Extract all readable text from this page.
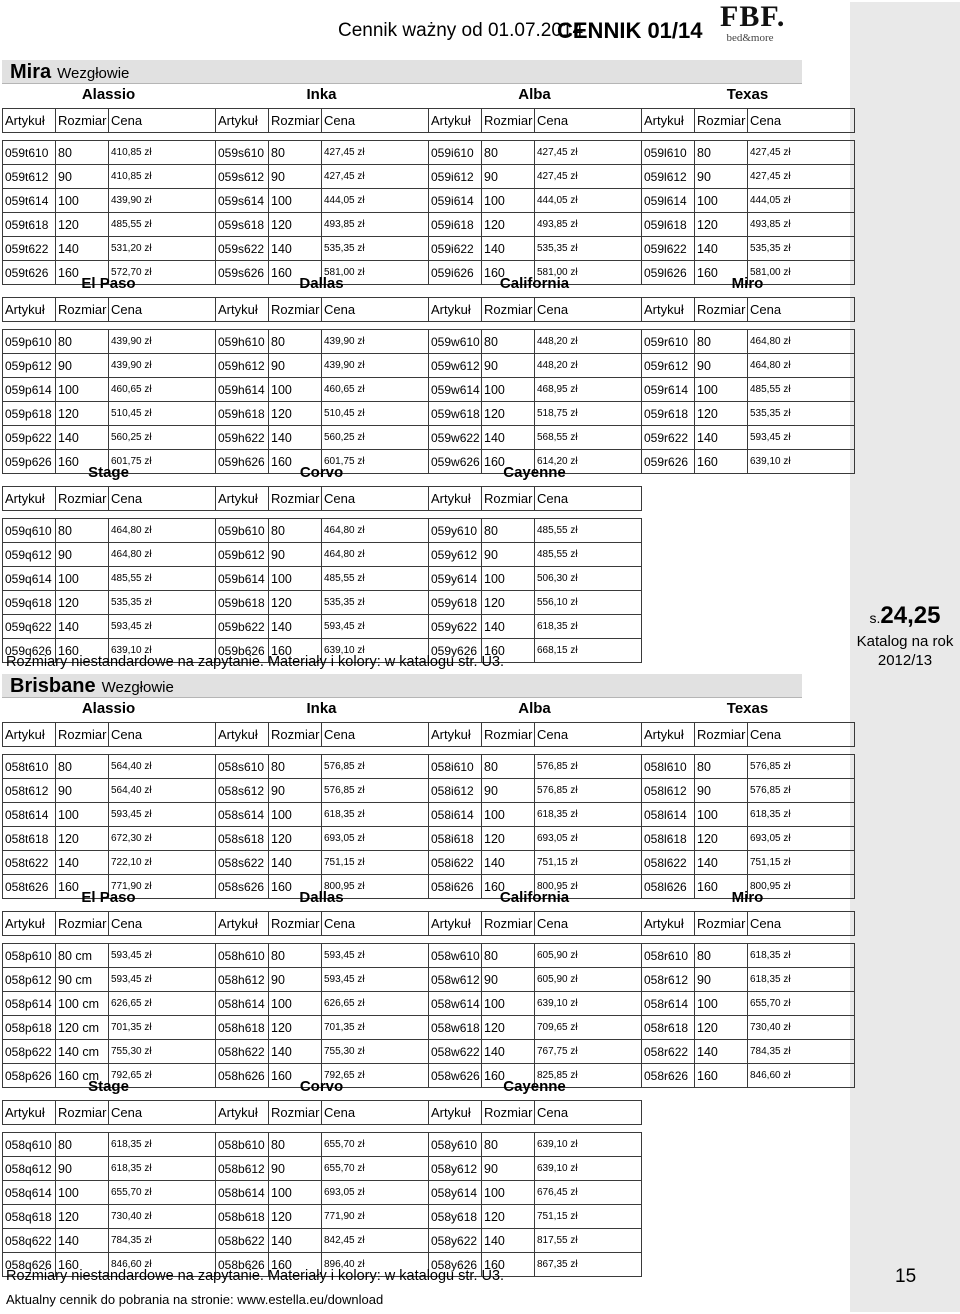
Cennik ważny od 01.07.2014
CENNIK 01/14 FBF.
bed&more
s.24,25
Katalog na rok
2012/13
Mira Wezgłowie
Alassio
Artykuł	Rozmiar	Cena

059t610	80	410,85 zł
059t612	90	410,85 zł
059t614	100	439,90 zł
059t618	120	485,55 zł
059t622	140	531,20 zł
059t626	160	572,70 zł
Inka
Artykuł	Rozmiar	Cena

059s610	80	427,45 zł
059s612	90	427,45 zł
059s614	100	444,05 zł
059s618	120	493,85 zł
059s622	140	535,35 zł
059s626	160	581,00 zł
Alba
Artykuł	Rozmiar	Cena

059i610	80	427,45 zł
059i612	90	427,45 zł
059i614	100	444,05 zł
059i618	120	493,85 zł
059i622	140	535,35 zł
059i626	160	581,00 zł
Texas
Artykuł	Rozmiar	Cena

059l610	80	427,45 zł
059l612	90	427,45 zł
059l614	100	444,05 zł
059l618	120	493,85 zł
059l622	140	535,35 zł
059l626	160	581,00 zł
El Paso
Artykuł	Rozmiar	Cena

059p610	80	439,90 zł
059p612	90	439,90 zł
059p614	100	460,65 zł
059p618	120	510,45 zł
059p622	140	560,25 zł
059p626	160	601,75 zł
Dallas
Artykuł	Rozmiar	Cena

059h610	80	439,90 zł
059h612	90	439,90 zł
059h614	100	460,65 zł
059h618	120	510,45 zł
059h622	140	560,25 zł
059h626	160	601,75 zł
California
Artykuł	Rozmiar	Cena

059w610	80	448,20 zł
059w612	90	448,20 zł
059w614	100	468,95 zł
059w618	120	518,75 zł
059w622	140	568,55 zł
059w626	160	614,20 zł
Miro
Artykuł	Rozmiar	Cena

059r610	80	464,80 zł
059r612	90	464,80 zł
059r614	100	485,55 zł
059r618	120	535,35 zł
059r622	140	593,45 zł
059r626	160	639,10 zł
Stage
Artykuł	Rozmiar	Cena

059q610	80	464,80 zł
059q612	90	464,80 zł
059q614	100	485,55 zł
059q618	120	535,35 zł
059q622	140	593,45 zł
059q626	160	639,10 zł
Corvo
Artykuł	Rozmiar	Cena

059b610	80	464,80 zł
059b612	90	464,80 zł
059b614	100	485,55 zł
059b618	120	535,35 zł
059b622	140	593,45 zł
059b626	160	639,10 zł
Cayenne
Artykuł	Rozmiar	Cena

059y610	80	485,55 zł
059y612	90	485,55 zł
059y614	100	506,30 zł
059y618	120	556,10 zł
059y622	140	618,35 zł
059y626	160	668,15 zł
Rozmiary niestandardowe na zapytanie. Materiały i kolory: w katalogu str. U3.
Brisbane Wezgłowie
Alassio
Artykuł	Rozmiar	Cena

058t610	80	564,40 zł
058t612	90	564,40 zł
058t614	100	593,45 zł
058t618	120	672,30 zł
058t622	140	722,10 zł
058t626	160	771,90 zł
Inka
Artykuł	Rozmiar	Cena

058s610	80	576,85 zł
058s612	90	576,85 zł
058s614	100	618,35 zł
058s618	120	693,05 zł
058s622	140	751,15 zł
058s626	160	800,95 zł
Alba
Artykuł	Rozmiar	Cena

058i610	80	576,85 zł
058i612	90	576,85 zł
058i614	100	618,35 zł
058i618	120	693,05 zł
058i622	140	751,15 zł
058i626	160	800,95 zł
Texas
Artykuł	Rozmiar	Cena

058l610	80	576,85 zł
058l612	90	576,85 zł
058l614	100	618,35 zł
058l618	120	693,05 zł
058l622	140	751,15 zł
058l626	160	800,95 zł
El Paso
Artykuł	Rozmiar	Cena

058p610	80 cm	593,45 zł
058p612	90 cm	593,45 zł
058p614	100 cm	626,65 zł
058p618	120 cm	701,35 zł
058p622	140 cm	755,30 zł
058p626	160 cm	792,65 zł
Dallas
Artykuł	Rozmiar	Cena

058h610	80	593,45 zł
058h612	90	593,45 zł
058h614	100	626,65 zł
058h618	120	701,35 zł
058h622	140	755,30 zł
058h626	160	792,65 zł
California
Artykuł	Rozmiar	Cena

058w610	80	605,90 zł
058w612	90	605,90 zł
058w614	100	639,10 zł
058w618	120	709,65 zł
058w622	140	767,75 zł
058w626	160	825,85 zł
Miro
Artykuł	Rozmiar	Cena

058r610	80	618,35 zł
058r612	90	618,35 zł
058r614	100	655,70 zł
058r618	120	730,40 zł
058r622	140	784,35 zł
058r626	160	846,60 zł
Stage
Artykuł	Rozmiar	Cena

058q610	80	618,35 zł
058q612	90	618,35 zł
058q614	100	655,70 zł
058q618	120	730,40 zł
058q622	140	784,35 zł
058q626	160	846,60 zł
Corvo
Artykuł	Rozmiar	Cena

058b610	80	655,70 zł
058b612	90	655,70 zł
058b614	100	693,05 zł
058b618	120	771,90 zł
058b622	140	842,45 zł
058b626	160	896,40 zł
Cayenne
Artykuł	Rozmiar	Cena

058y610	80	639,10 zł
058y612	90	639,10 zł
058y614	100	676,45 zł
058y618	120	751,15 zł
058y622	140	817,55 zł
058y626	160	867,35 zł
Rozmiary niestandardowe na zapytanie. Materiały i kolory: w katalogu str. U3.	15
Aktualny cennik do pobrania na stronie: www.estella.eu/download
